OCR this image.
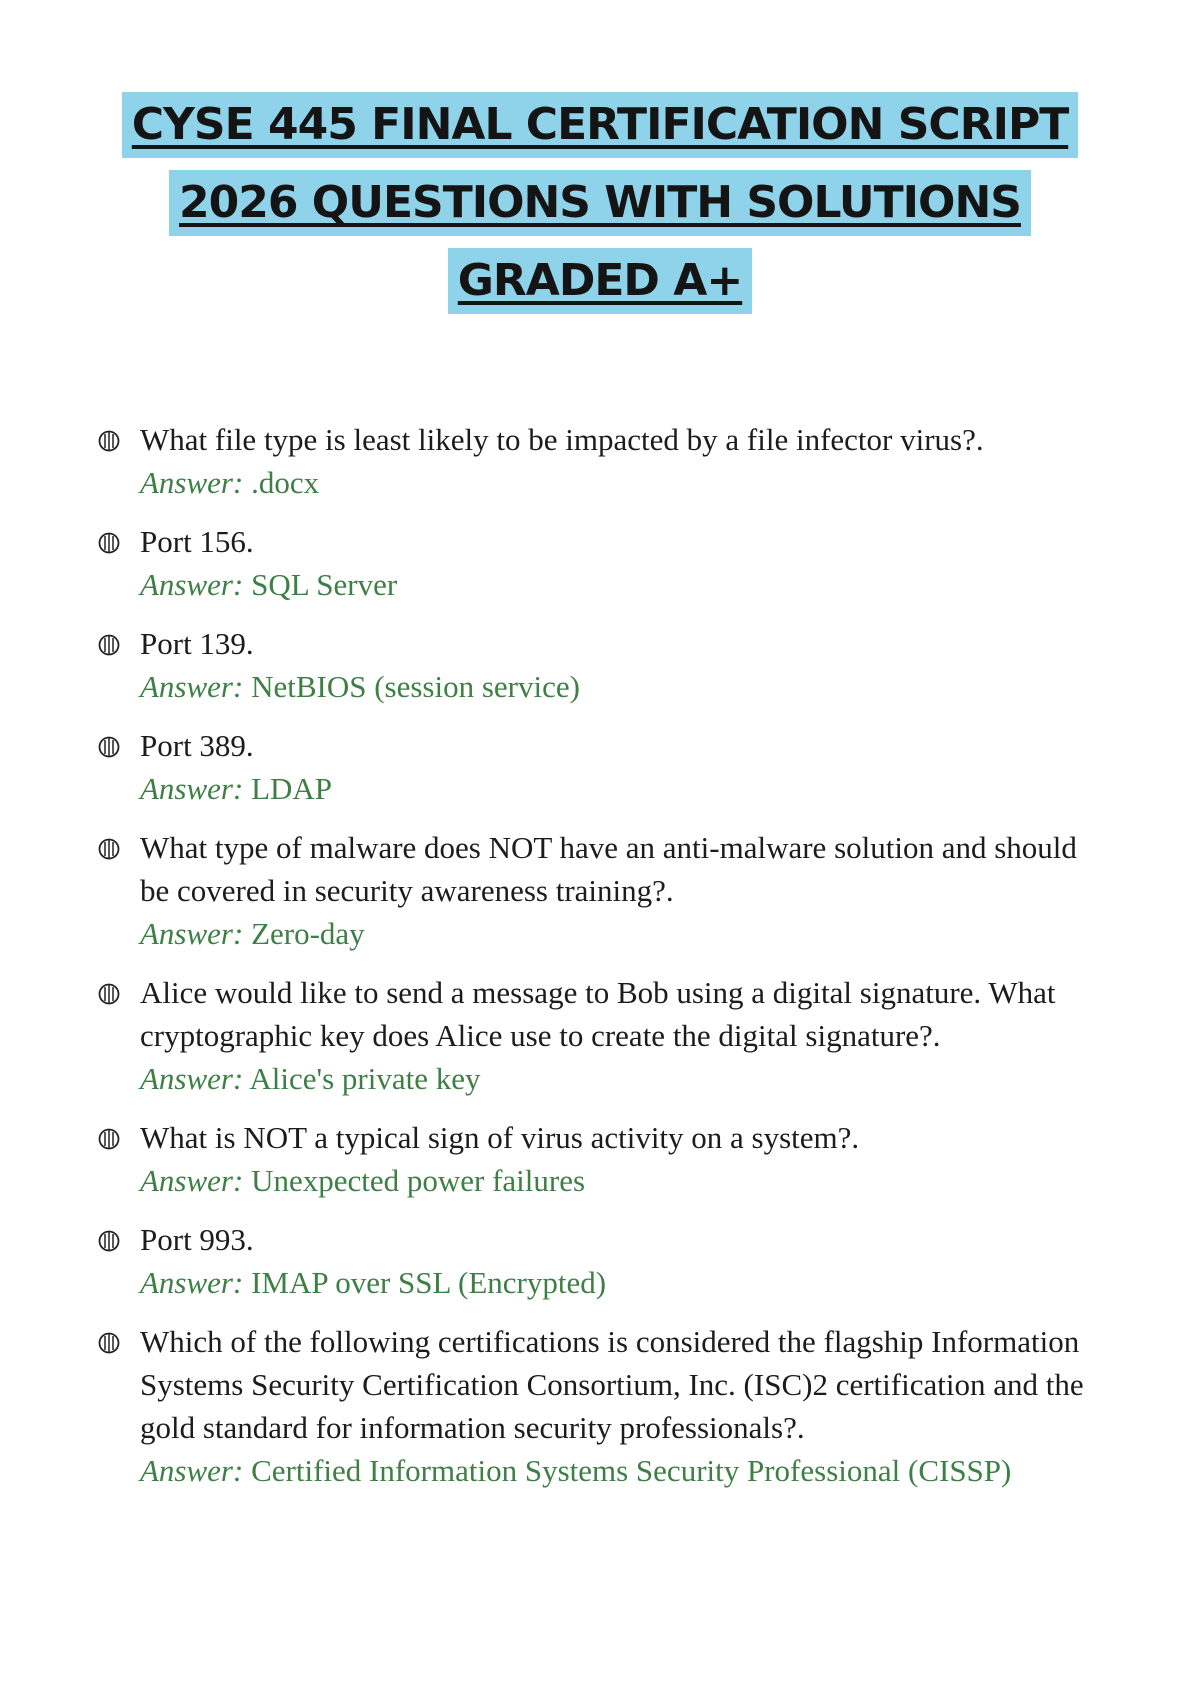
CYSE 445 FINAL CERTIFICATION SCRIPT
2026 QUESTIONS WITH SOLUTIONS
GRADED A+
What file type is least likely to be impacted by a file infector virus?.
Answer: .docx
Port 156.
Answer: SQL Server
Port 139.
Answer: NetBIOS (session service)
Port 389.
Answer: LDAP
What type of malware does NOT have an anti-malware solution and should be covered in security awareness training?.
Answer: Zero-day
Alice would like to send a message to Bob using a digital signature. What cryptographic key does Alice use to create the digital signature?.
Answer: Alice's private key
What is NOT a typical sign of virus activity on a system?.
Answer: Unexpected power failures
Port 993.
Answer: IMAP over SSL (Encrypted)
Which of the following certifications is considered the flagship Information Systems Security Certification Consortium, Inc. (ISC)2 certification and the gold standard for information security professionals?.
Answer: Certified Information Systems Security Professional (CISSP)
